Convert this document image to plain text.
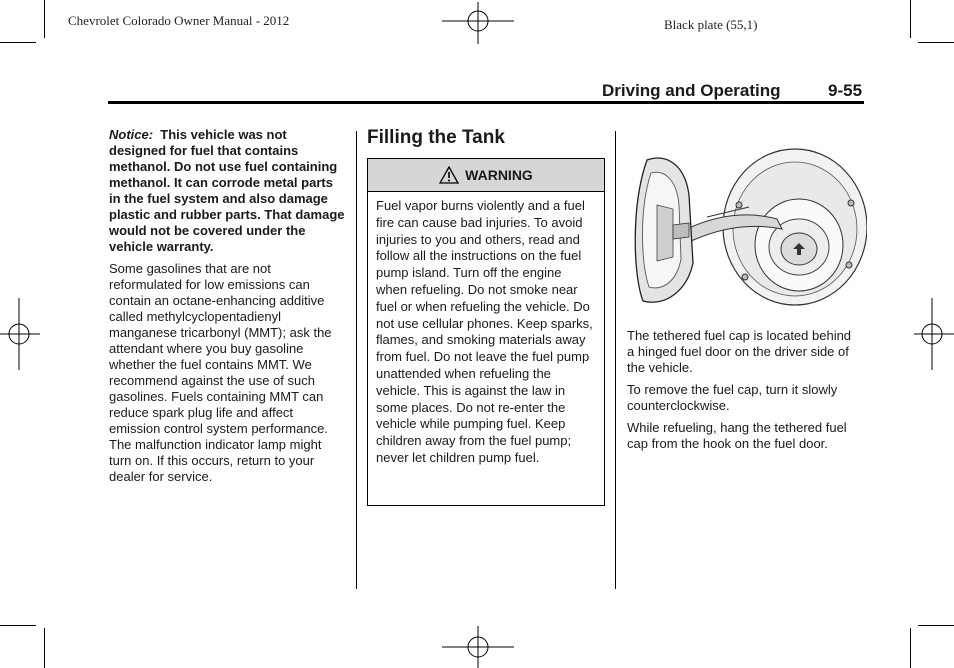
Chevrolet Colorado Owner Manual - 2012	Black plate (55,1)
Driving and Operating	9-55

Notice: This vehicle was not designed for fuel that contains methanol. Do not use fuel containing methanol. It can corrode metal parts in the fuel system and also damage plastic and rubber parts. That damage would not be covered under the vehicle warranty.

Some gasolines that are not reformulated for low emissions can contain an octane-enhancing additive called methylcyclopentadienyl manganese tricarbonyl (MMT); ask the attendant where you buy gasoline whether the fuel contains MMT. We recommend against the use of such gasolines. Fuels containing MMT can reduce spark plug life and affect emission control system performance. The malfunction indicator lamp might turn on. If this occurs, return to your dealer for service.

Filling the Tank
WARNING
Fuel vapor burns violently and a fuel fire can cause bad injuries. To avoid injuries to you and others, read and follow all the instructions on the fuel pump island. Turn off the engine when refueling. Do not smoke near fuel or when refueling the vehicle. Do not use cellular phones. Keep sparks, flames, and smoking materials away from fuel. Do not leave the fuel pump unattended when refueling the vehicle. This is against the law in some places. Do not re-enter the vehicle while pumping fuel. Keep children away from the fuel pump; never let children pump fuel.

The tethered fuel cap is located behind a hinged fuel door on the driver side of the vehicle.

To remove the fuel cap, turn it slowly counterclockwise.

While refueling, hang the tethered fuel cap from the hook on the fuel door.
